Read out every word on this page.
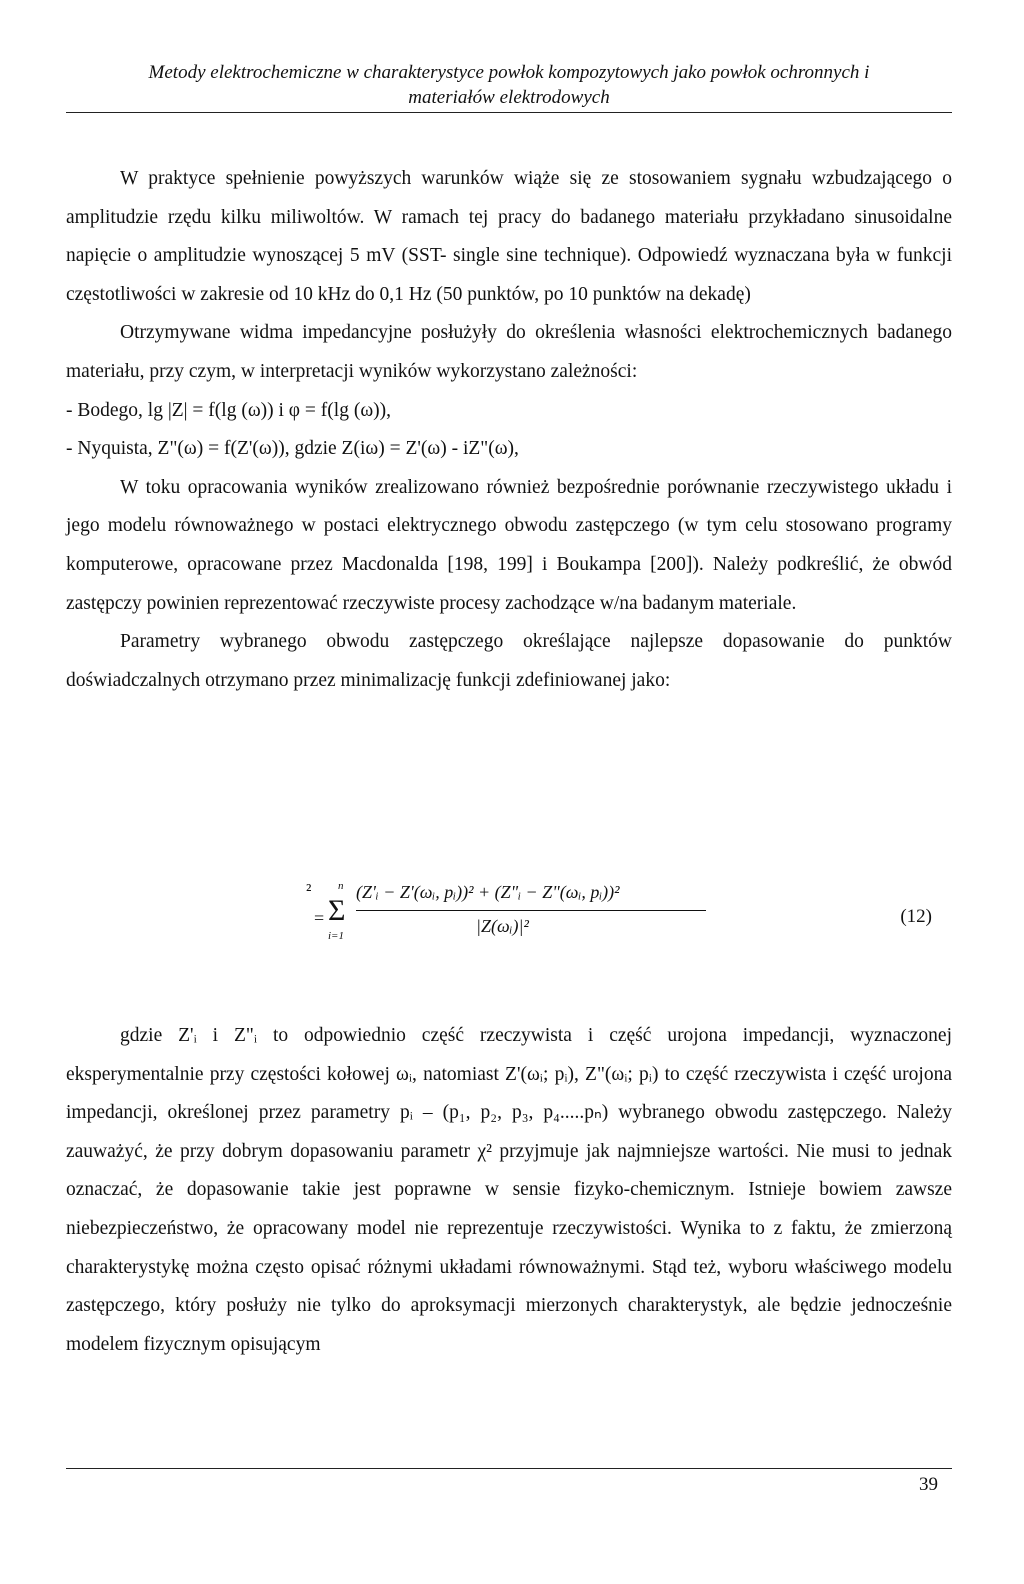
Metody elektrochemiczne w charakterystyce powłok kompozytowych jako powłok ochronnych i
materiałów elektrodowych

W praktyce spełnienie powyższych warunków wiąże się ze stosowaniem sygnału wzbudzającego o amplitudzie rzędu kilku miliwoltów. W ramach tej pracy do badanego materiału przykładano sinusoidalne napięcie o amplitudzie wynoszącej 5 mV (SST- single sine technique). Odpowiedź wyznaczana była w funkcji częstotliwości w zakresie od 10 kHz do 0,1 Hz (50 punktów, po 10 punktów na dekadę)

Otrzymywane widma impedancyjne posłużyły do określenia własności elektrochemicznych badanego materiału, przy czym, w interpretacji wyników wykorzystano zależności:

- Bodego, lg |Z| = f(lg (ω)) i φ = f(lg (ω)),

- Nyquista, Z"(ω) = f(Z'(ω)), gdzie Z(iω) = Z'(ω) - iZ"(ω),

W toku opracowania wyników zrealizowano również bezpośrednie porównanie rzeczywistego układu i jego modelu równoważnego w postaci elektrycznego obwodu zastępczego (w tym celu stosowano programy komputerowe, opracowane przez Macdonalda [198, 199] i Boukampa [200]). Należy podkreślić, że obwód zastępczy powinien reprezentować rzeczywiste procesy zachodzące w/na badanym materiale.

Parametry wybranego obwodu zastępczego określające najlepsze dopasowanie do punktów doświadczalnych otrzymano przez minimalizację funkcji zdefiniowanej jako:

²
=
n
Σ
i=1
(Z'ᵢ − Z'(ωᵢ, pᵢ))² + (Z"ᵢ − Z"(ωᵢ, pᵢ))²
|Z(ωᵢ)|²	(12)

gdzie Z'ᵢ i Z"ᵢ to odpowiednio część rzeczywista i część urojona impedancji, wyznaczonej eksperymentalnie przy częstości kołowej ωᵢ, natomiast Z'(ωᵢ; pᵢ), Z"(ωᵢ; pᵢ) to część rzeczywista i część urojona impedancji, określonej przez parametry pᵢ – (p₁, p₂, p₃, p₄.....pₙ) wybranego obwodu zastępczego. Należy zauważyć, że przy dobrym dopasowaniu parametr χ² przyjmuje jak najmniejsze wartości. Nie musi to jednak oznaczać, że dopasowanie takie jest poprawne w sensie fizyko-chemicznym. Istnieje bowiem zawsze niebezpieczeństwo, że opracowany model nie reprezentuje rzeczywistości. Wynika to z faktu, że zmierzoną charakterystykę można często opisać różnymi układami równoważnymi. Stąd też, wyboru właściwego modelu zastępczego, który posłuży nie tylko do aproksymacji mierzonych charakterystyk, ale będzie jednocześnie modelem fizycznym opisującym

39
